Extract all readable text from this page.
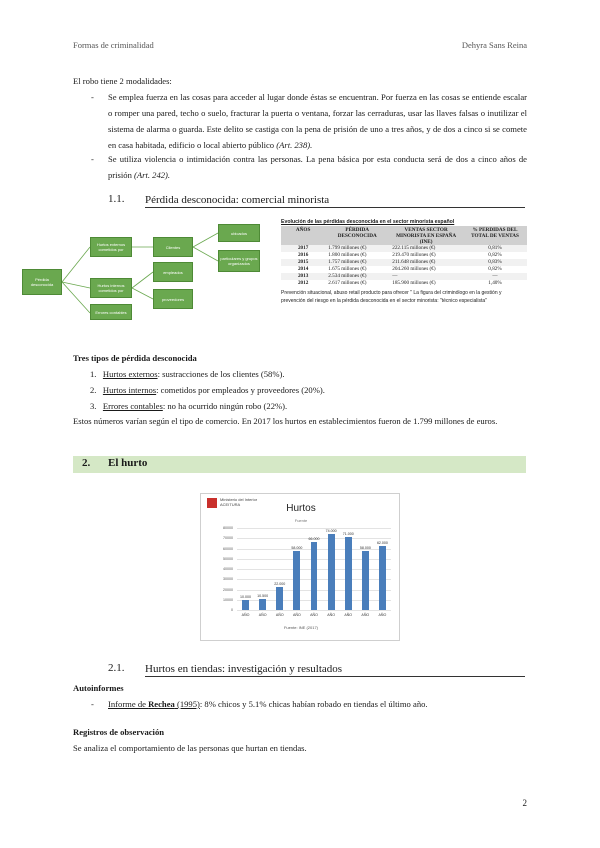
Formas de criminalidad	Dehyra Sans Reina
El robo tiene 2 modalidades:
- Se emplea fuerza en las cosas para acceder al lugar donde éstas se encuentran. Por fuerza en las cosas se entiende escalar o romper una pared, techo o suelo, fracturar la puerta o ventana, forzar las cerraduras, usar las llaves falsas o inutilizar el sistema de alarma o guarda. Este delito se castiga con la pena de prisión de uno a tres años, y de dos a cinco si se comete en casa habitada, edificio o local abierto público (Art. 238).
- Se utiliza violencia o intimidación contra las personas. La pena básica por esta conducta será de dos a cinco años de prisión (Art. 242).
1.1. Pérdida desconocida: comercial minorista
Pérdida desconocida
Hurtos externos cometidos por
Hurtos internos cometidos por
Errores contables
Clientes
empleados
proveedores
ubicados
particulares y grupos organizados
Evolución de las pérdidas desconocida en el sector minorista español
AÑOS	PÉRDIDA DESCONOCIDA	VENTAS SECTOR MINORISTA EN ESPAÑA (INE)	% PERDIDAS DEL TOTAL DE VENTAS
2017	1.799 millones (€)	222.115 millones (€)	0,81%
2016	1.800 millones (€)	219.470 millones (€)	0,82%
2015	1.757 millones (€)	211.648 millones (€)	0,83%
2014	1.675 millones (€)	204.260 millones (€)	0,82%
2013	2.534 millones (€)	—	—
2012	2.617 millones (€)	185.900 millones (€)	1,40%
Prevención situacional, abuso retail producto para ofrecer " La figura del criminólogo en la gestión y prevención del riesgo en la pérdida desconocida en el sector minorista: "técnico especialista"
Tres tipos de pérdida desconocida
1. Hurtos externos: sustracciones de los clientes (58%).
2. Hurtos internos: cometidos por empleados y proveedores (20%).
3. Errores contables: no ha ocurrido ningún robo (22%).
Estos números varían según el tipo de comercio. En 2017 los hurtos en establecimientos fueron de 1.799 millones de euros.
2. El hurto
Ministerio del Interior
ACEITURA	Hurtos
Fuente
0
10000
20000
30000
40000
50000
60000
70000
80000
10.000
AÑO
10.500
AÑO
22.000
AÑO
58.000
AÑO
66.000
AÑO
74.000
AÑO
71.000
AÑO
58.000
AÑO
62.000
AÑO
Fuente: INE (2017)
2.1. Hurtos en tiendas: investigación y resultados
Autoinformes
- Informe de Rechea (1995): 8% chicos y 5.1% chicas habían robado en tiendas el último año.
Registros de observación
Se analiza el comportamiento de las personas que hurtan en tiendas.
2
